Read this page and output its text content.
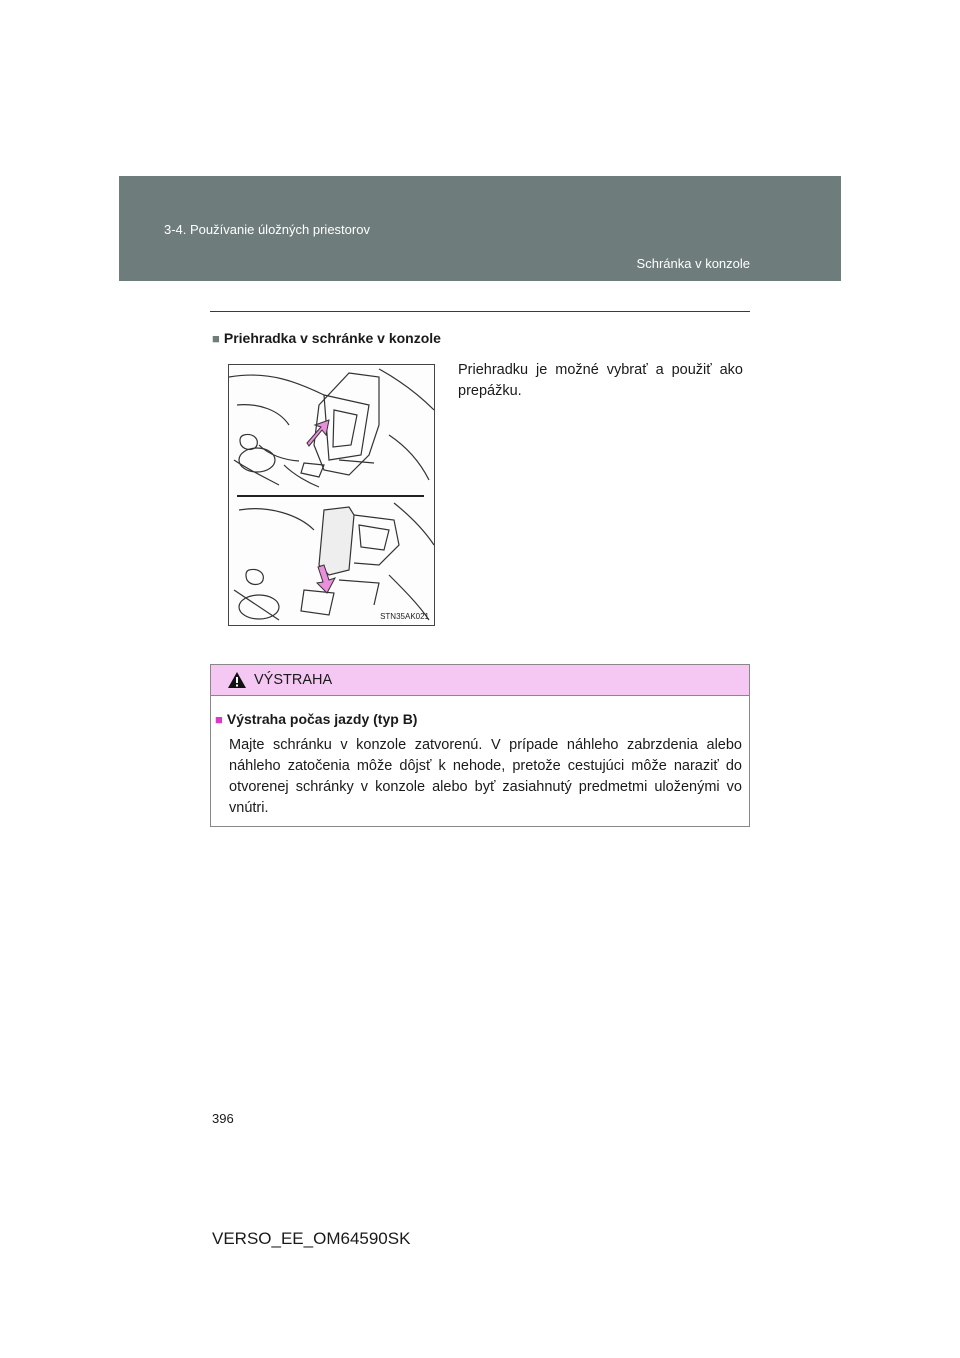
3-4. Používanie úložných priestorov
Schránka v konzole
■ Priehradka v schránke v konzole
STN35AK021
Priehradku je možné vybrať a použiť ako prepážku.
VÝSTRAHA
■ Výstraha počas jazdy (typ B)
Majte schránku v konzole zatvorenú. V prípade náhleho zabrzdenia alebo náhleho zatočenia môže dôjsť k nehode, pretože cestujúci môže naraziť do otvorenej schránky v konzole alebo byť zasiahnutý predmetmi uloženými vo vnútri.
396
VERSO_EE_OM64590SK
